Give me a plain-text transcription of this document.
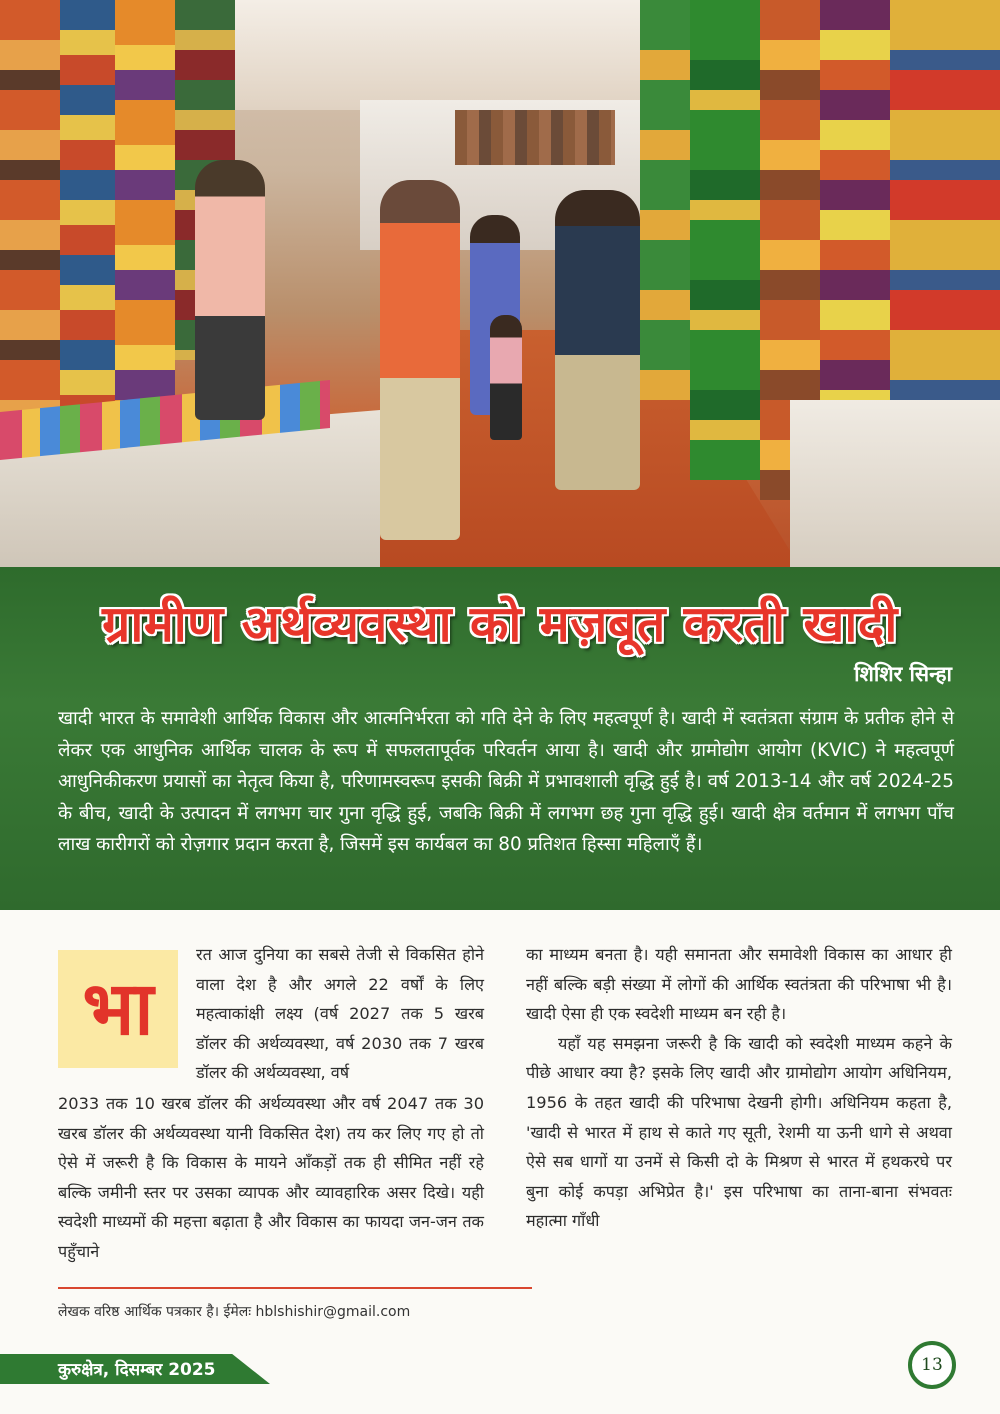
ग्रामीण अर्थव्यवस्था को मज़बूत करती खादी
शिशिर सिन्हा
खादी भारत के समावेशी आर्थिक विकास और आत्मनिर्भरता को गति देने के लिए महत्वपूर्ण है। खादी में स्वतंत्रता संग्राम के प्रतीक होने से लेकर एक आधुनिक आर्थिक चालक के रूप में सफलतापूर्वक परिवर्तन आया है। खादी और ग्रामोद्योग आयोग (KVIC) ने महत्वपूर्ण आधुनिकीकरण प्रयासों का नेतृत्व किया है, परिणामस्वरूप इसकी बिक्री में प्रभावशाली वृद्धि हुई है। वर्ष 2013-14 और वर्ष 2024-25 के बीच, खादी के उत्पादन में लगभग चार गुना वृद्धि हुई, जबकि बिक्री में लगभग छह गुना वृद्धि हुई। खादी क्षेत्र वर्तमान में लगभग पाँच लाख कारीगरों को रोज़गार प्रदान करता है, जिसमें इस कार्यबल का 80 प्रतिशत हिस्सा महिलाएँ हैं।
भा
रत आज दुनिया का सबसे तेजी से विकसित होने वाला देश है और अगले 22 वर्षों के लिए महत्वाकांक्षी लक्ष्य (वर्ष 2027 तक 5 खरब डॉलर की अर्थव्यवस्था, वर्ष 2030 तक 7 खरब डॉलर की अर्थव्यवस्था, वर्ष
2033 तक 10 खरब डॉलर की अर्थव्यवस्था और वर्ष 2047 तक 30 खरब डॉलर की अर्थव्यवस्था यानी विकसित देश) तय कर लिए गए हो तो ऐसे में जरूरी है कि विकास के मायने आँकड़ों तक ही सीमित नहीं रहे बल्कि जमीनी स्तर पर उसका व्यापक और व्यावहारिक असर दिखे। यही स्वदेशी माध्यमों की महत्ता बढ़ाता है और विकास का फायदा जन-जन तक पहुँचाने

का माध्यम बनता है। यही समानता और समावेशी विकास का आधार ही नहीं बल्कि बड़ी संख्या में लोगों की आर्थिक स्वतंत्रता की परिभाषा भी है। खादी ऐसा ही एक स्वदेशी माध्यम बन रही है।

यहाँ यह समझना जरूरी है कि खादी को स्वदेशी माध्यम कहने के पीछे आधार क्या है? इसके लिए खादी और ग्रामोद्योग आयोग अधिनियम, 1956 के तहत खादी की परिभाषा देखनी होगी। अधिनियम कहता है, 'खादी से भारत में हाथ से काते गए सूती, रेशमी या ऊनी धागे से अथवा ऐसे सब धागों या उनमें से किसी दो के मिश्रण से भारत में हथकरघे पर बुना कोई कपड़ा अभिप्रेत है।' इस परिभाषा का ताना-बाना संभवतः महात्मा गाँधी

लेखक वरिष्ठ आर्थिक पत्रकार है। ईमेलः hblshishir@gmail.com
कुरुक्षेत्र, दिसम्बर 2025	13
